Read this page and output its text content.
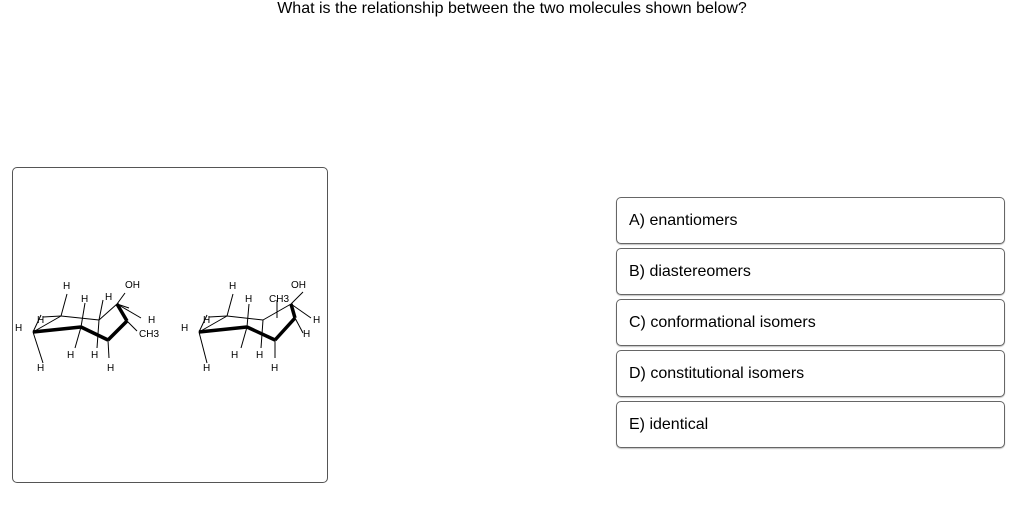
What is the relationship between the two molecules shown below?
H
H H
OH
H
H
H
CH3
H H
H	H
H
H
H
OH
CH3
H
H
H
H H
H	H
A) enantiomers
B) diastereomers
C) conformational isomers
D) constitutional isomers
E) identical
